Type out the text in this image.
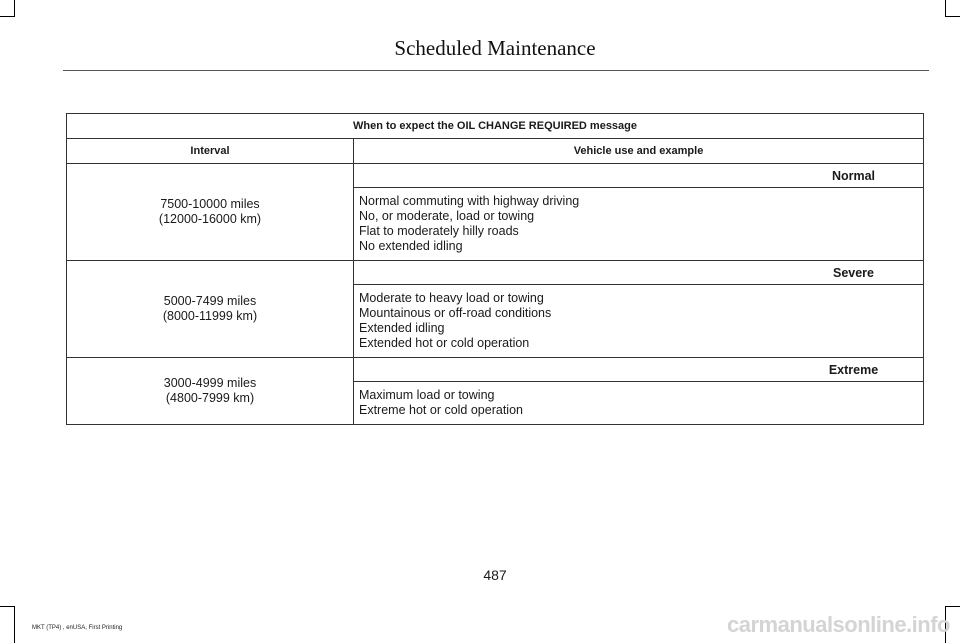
Scheduled Maintenance
When to expect the OIL CHANGE REQUIRED message	
Interval	Vehicle use and example

7500-10000 miles
(12000-16000 km)	Normal

	Normal commuting with highway driving
No, or moderate, load or towing
Flat to moderately hilly roads
No extended idling

5000-7499 miles
(8000-11999 km)	Severe

	Moderate to heavy load or towing
Mountainous or off-road conditions
Extended idling
Extended hot or cold operation

3000-4999 miles
(4800-7999 km)	Extreme

	Maximum load or towing
Extreme hot or cold operation
487
MKT (TP4) , enUSA, First Printing	carmanualsonline.info
